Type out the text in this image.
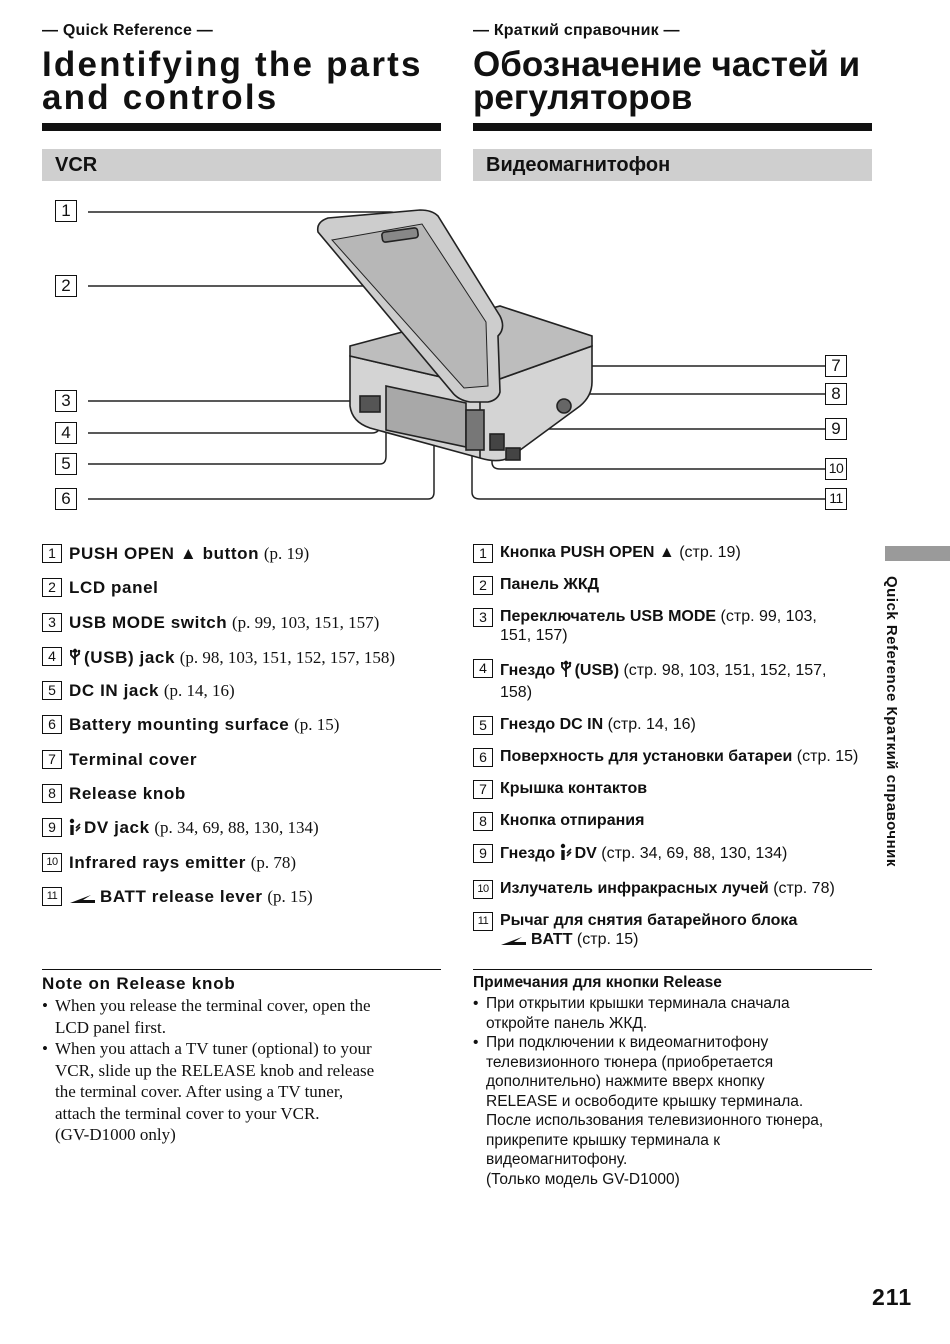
— Quick Reference —
Identifying the parts
and controls
VCR
1 PUSH OPEN ▲ button (p. 19)
2 LCD panel
3 USB MODE switch (p. 99, 103, 151, 157)
4	(USB) jack (p. 98, 103, 151, 152, 157, 158)
5 DC IN jack (p. 14, 16)
6 Battery mounting surface (p. 15)
7 Terminal cover
8 Release knob
9	DV jack (p. 34, 69, 88, 130, 134)
10 Infrared rays emitter (p. 78)
11	BATT release lever (p. 15)
Note on Release knob
• When you release the terminal cover, open the
LCD panel first.
• When you attach a TV tuner (optional) to your
VCR, slide up the RELEASE knob and release
the terminal cover. After using a TV tuner,
attach the terminal cover to your VCR.
(GV-D1000 only)
— Краткий справочник —
Обозначение частей и
регуляторов
Видеомагнитофон
1 Кнопка PUSH OPEN ▲ (стр. 19)
2 Панель ЖКД
3 Переключатель USB MODE (стр. 99, 103,
151, 157)
4 Гнездо (USB) (стр. 98, 103, 151, 152, 157,
158)
5 Гнездо DC IN (стр. 14, 16)
6 Поверхность для установки батареи (стр. 15)
7 Крышка контактов
8 Кнопка отпирания
9 Гнездо DV (стр. 34, 69, 88, 130, 134)
10 Излучатель инфракрасных лучей (стр. 78)
11 Рычаг для снятия батарейного блока
BATT (стр. 15)
Примечания для кнопки Release
• При открытии крышки терминала сначала
откройте панель ЖКД.
• При подключении к видеомагнитофону
телевизионного тюнера (приобретается
дополнительно) нажмите вверх кнопку
RELEASE и освободите крышку терминала.
После использования телевизионного тюнера,
прикрепите крышку терминала к
видеомагнитофону.
(Только модель GV-D1000)
1
2
3
4
5
6
7
8
9
10
11
Quick Reference Краткий справочник
211
